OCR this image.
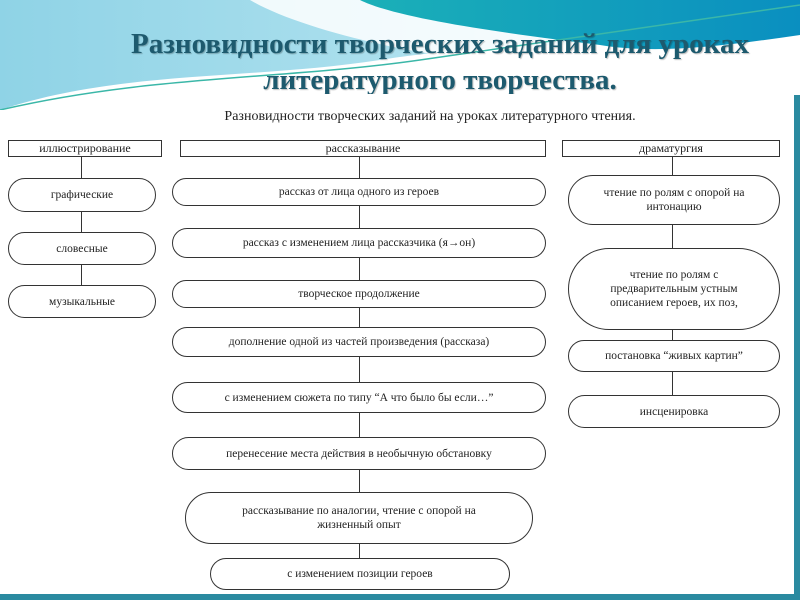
Разновидности творческих заданий для уроках
литературного творчества.
Разновидности творческих заданий на уроках литературного чтения.
иллюстрирование	рассказывание	драматургия
графические
словесные
музыкальные
рассказ от лица одного из героев
рассказ с изменением лица рассказчика (я→он)
творческое продолжение
дополнение одной из частей произведения (рассказа)
с изменением сюжета по типу “А что было бы если…”
перенесение места действия в необычную обстановку
рассказывание по аналогии, чтение с опорой на жизненный опыт
с изменением позиции героев
чтение по ролям с опорой на интонацию
чтение по ролям с предварительным устным описанием героев, их поз,
постановка “живых картин”
инсценировка
